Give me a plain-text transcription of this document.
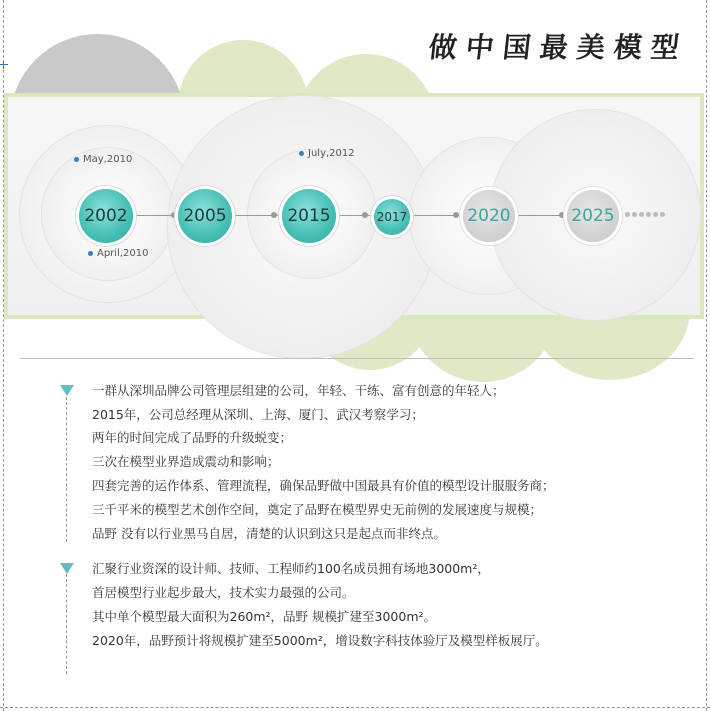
做中国最美模型
2002	2005	2015	2017	2020	2025
May,2010
April,2010
July,2012
一群从深圳品牌公司管理层组建的公司，年轻、干练、富有创意的年轻人；
2015年，公司总经理从深圳、上海、厦门、武汉考察学习；
两年的时间完成了品野的升级蜕变；
三次在模型业界造成震动和影响；
四套完善的运作体系、管理流程，确保品野做中国最具有价值的模型设计服服务商；
三千平米的模型艺术创作空间，奠定了品野在模型界史无前例的发展速度与规模；
品野 没有以行业黑马自居，清楚的认识到这只是起点而非终点。
汇聚行业资深的设计师、技师、工程师约100名成员拥有场地3000m²，
首居模型行业起步最大，技术实力最强的公司。
其中单个模型最大面积为260m²，品野 规模扩建至3000m²。
2020年，品野预计将规模扩建至5000m²，增设数字科技体验厅及模型样板展厅。
